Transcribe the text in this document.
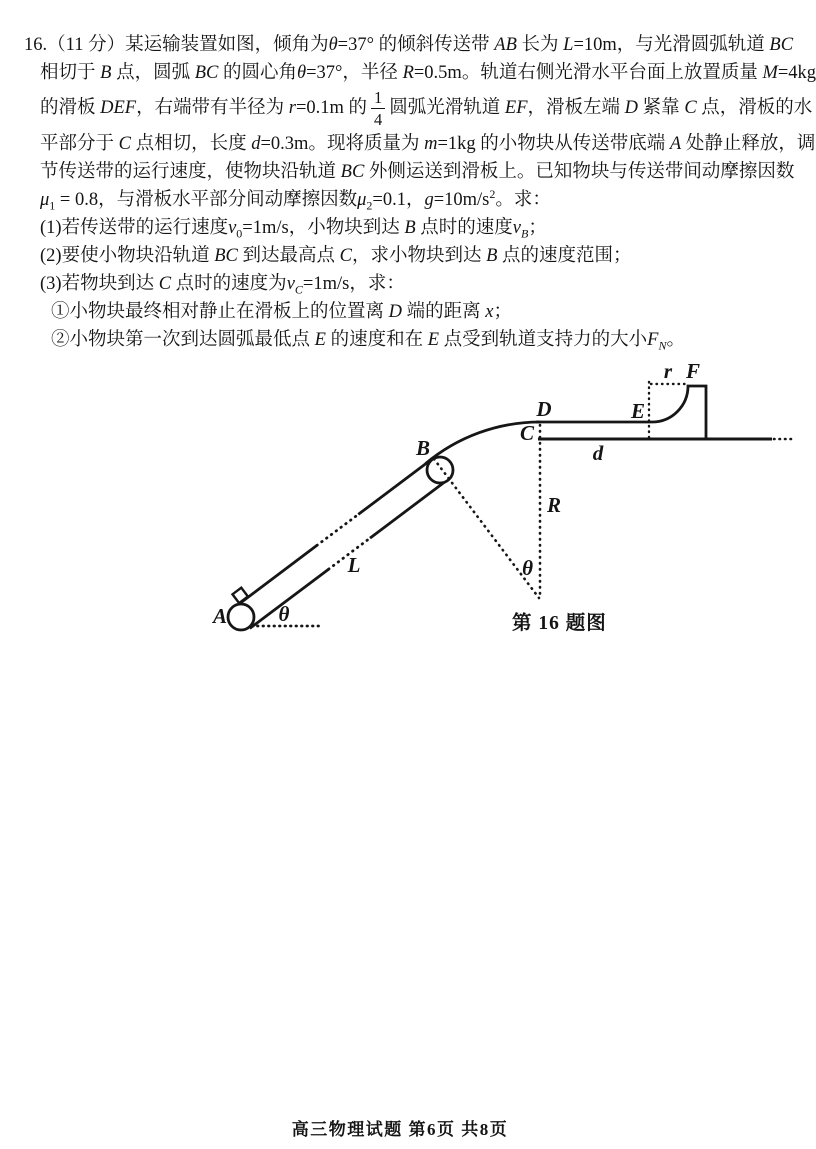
16.（11 分）某运输装置如图，倾角为θ=37° 的倾斜传送带 AB 长为 L=10m，与光滑圆弧轨道 BC
相切于 B 点，圆弧 BC 的圆心角θ=37°，半径 R=0.5m。轨道右侧光滑水平台面上放置质量 M=4kg
的滑板 DEF，右端带有半径为 r=0.1m 的 $\frac{1}{4}$ 圆弧光滑轨道 EF，滑板左端 D 紧靠 C 点，滑板的水
平部分于 C 点相切，长度 d=0.3m。现将质量为 m=1kg 的小物块从传送带底端 A 处静止释放，调
节传送带的运行速度，使物块沿轨道 BC 外侧运送到滑板上。已知物块与传送带间动摩擦因数
$\mu_1 = 0.8$，与滑板水平部分间动摩擦因数$\mu_2=0.1$，$g=10m/s^2$。求：
(1)若传送带的运行速度$v_0=1m/s$，小物块到达 B 点时的速度$v_B$；
(2)要使小物块沿轨道 BC 到达最高点 C，求小物块到达 B 点的速度范围；
(3)若物块到达 C 点时的速度为$v_C=1m/s$，求：
①小物块最终相对静止在滑板上的位置离 D 端的距离 x；
②小物块第一次到达圆弧最低点 E 的速度和在 E 点受到轨道支持力的大小$F_N$。
A
B
C
D	E
F
r
d
R
L
θ
θ
第 16 题图
高三物理试题 第6页 共8页
